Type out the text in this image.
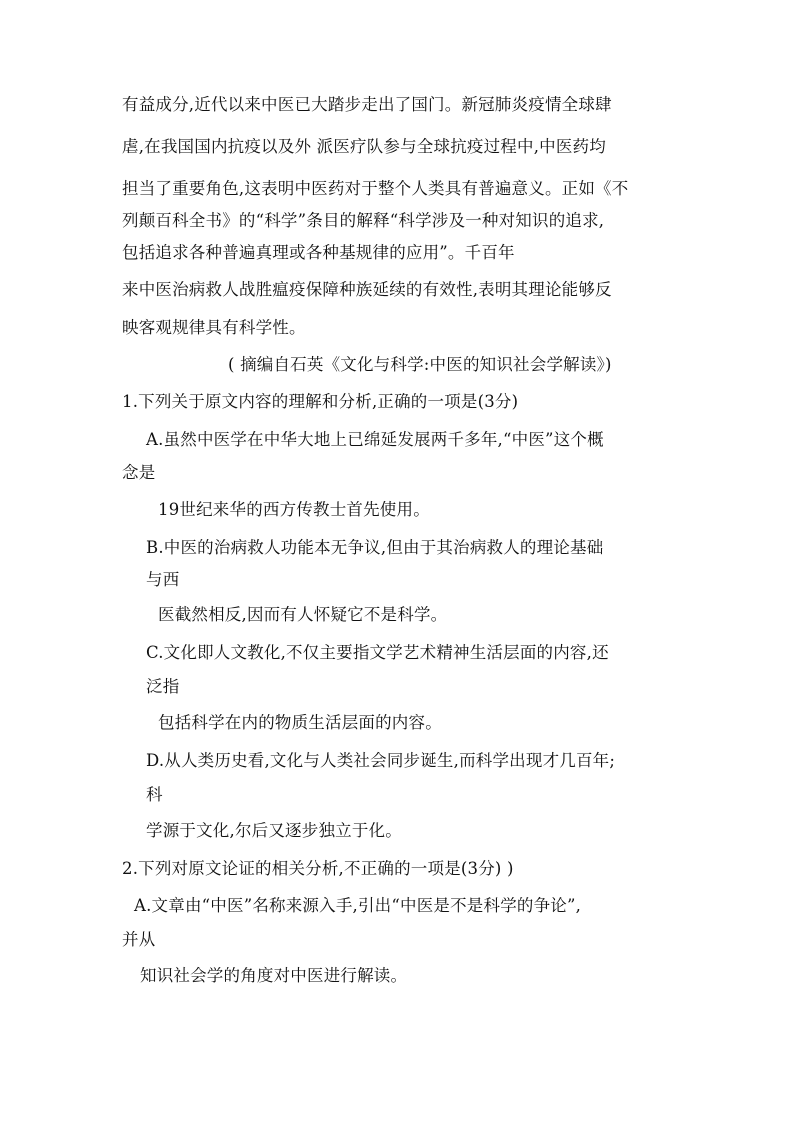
有益成分,近代以来中医已大踏步走出了国门。新冠肺炎疫情全球肆
虐,在我国国内抗疫以及外 派医疗队参与全球抗疫过程中,中医药均
担当了重要角色,这表明中医药对于整个人类具有普遍意义。正如《不
列颠百科全书》的“科学”条目的解释“科学涉及一种对知识的追求,
包括追求各种普遍真理或各种基规律的应用”。千百年
来中医治病救人战胜瘟疫保障种族延续的有效性,表明其理论能够反
映客观规律具有科学性。
( 摘编自石英《文化与科学:中医的知识社会学解读》)
1.下列关于原文内容的理解和分析,正确的一项是(3分)
A.虽然中医学在中华大地上已绵延发展两千多年,“中医”这个概
念是
19世纪来华的西方传教士首先使用。
B.中医的治病救人功能本无争议,但由于其治病救人的理论基础
与西
医截然相反,因而有人怀疑它不是科学。
C.文化即人文教化,不仅主要指文学艺术精神生活层面的内容,还
泛指
包括科学在内的物质生活层面的内容。
D.从人类历史看,文化与人类社会同步诞生,而科学出现才几百年;
科
学源于文化,尔后又逐步独立于化。
2.下列对原文论证的相关分析,不正确的一项是(3分) )
A.文章由“中医”名称来源入手,引出“中医是不是科学的争论”,
并从
知识社会学的角度对中医进行解读。
